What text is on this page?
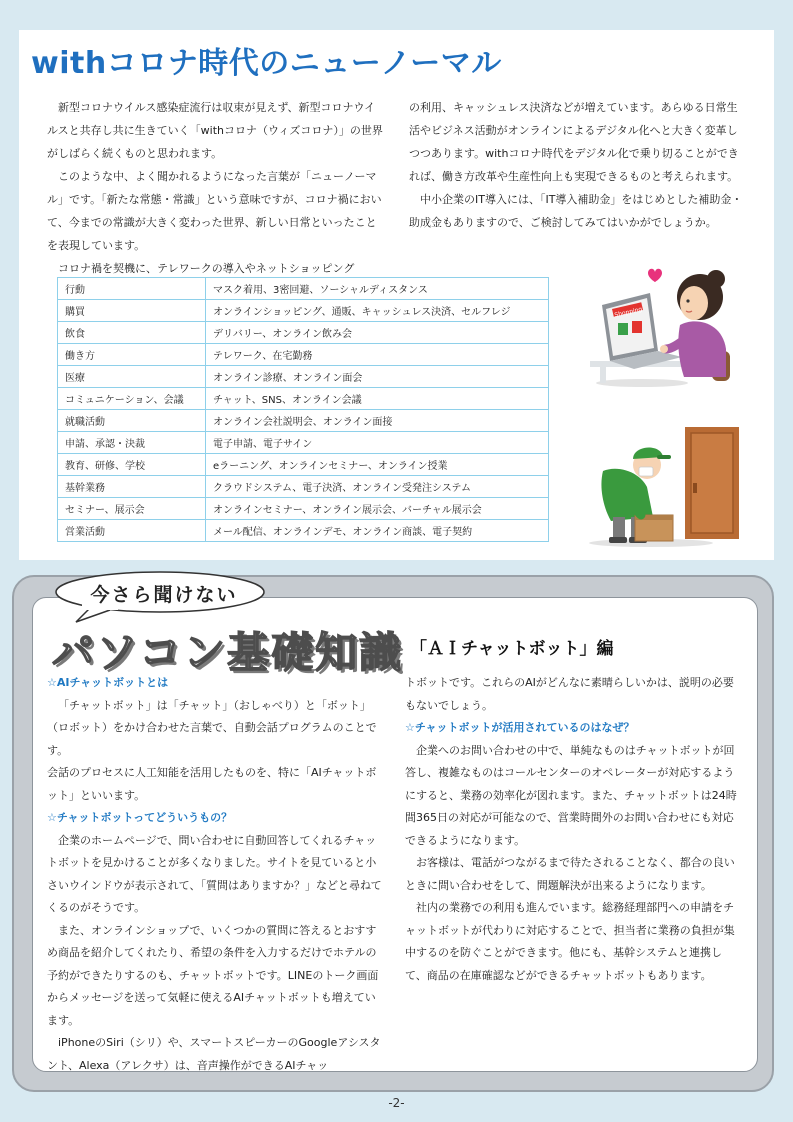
withコロナ時代のニューノーマル

新型コロナウイルス感染症流行は収束が見えず、新型コロナウイルスと共存し共に生きていく「withコロナ（ウィズコロナ）」の世界がしばらく続くものと思われます。

このような中、よく聞かれるようになった言葉が「ニューノーマル」です。「新たな常態・常識」という意味ですが、コロナ禍において、今までの常識が大きく変わった世界、新しい日常といったことを表現しています。

コロナ禍を契機に、テレワークの導入やネットショッピング

の利用、キャッシュレス決済などが増えています。あらゆる日常生活やビジネス活動がオンラインによるデジタル化へと大きく変革しつつあります。withコロナ時代をデジタル化で乗り切ることができれば、働き方改革や生産性向上も実現できるものと考えられます。

中小企業のIT導入には、「IT導入補助金」をはじめとした補助金・助成金もありますので、ご検討してみてはいかがでしょうか。

行動	マスク着用、3密回避、ソーシャルディスタンス
購買	オンラインショッピング、通販、キャッシュレス決済、セルフレジ
飲食	デリバリー、オンライン飲み会
働き方	テレワーク、在宅勤務
医療	オンライン診療、オンライン面会
コミュニケーション、会議	チャット、SNS、オンライン会議
就職活動	オンライン会社説明会、オンライン面接
申請、承認・決裁	電子申請、電子サイン
教育、研修、学校	eラーニング、オンラインセミナー、オンライン授業
基幹業務	クラウドシステム、電子決済、オンライン受発注システム
セミナー、展示会	オンラインセミナー、オンライン展示会、バーチャル展示会
営業活動	メール配信、オンラインデモ、オンライン商談、電子契約
Shopping
今さら聞けない
パソコン基礎知識 「ＡＩチャットボット」編
☆AIチャットボットとは

「チャットボット」は「チャット」（おしゃべり）と「ボット」（ロボット）をかけ合わせた言葉で、自動会話プログラムのことです。

会話のプロセスに人工知能を活用したものを、特に「AIチャットボット」といいます。

☆チャットボットってどういうもの？

企業のホームページで、問い合わせに自動回答してくれるチャットボットを見かけることが多くなりました。サイトを見ていると小さいウインドウが表示されて、「質問はありますか？」などと尋ねてくるのがそうです。

また、オンラインショップで、いくつかの質問に答えるとおすすめ商品を紹介してくれたり、希望の条件を入力するだけでホテルの予約ができたりするのも、チャットボットです。LINEのトーク画面からメッセージを送って気軽に使えるAIチャットボットも増えています。

iPhoneのSiri（シリ）や、スマートスピーカーのGoogleアシスタント、Alexa（アレクサ）は、音声操作ができるAIチャッ

トボットです。これらのAIがどんなに素晴らしいかは、説明の必要もないでしょう。

☆チャットボットが活用されているのはなぜ？

企業へのお問い合わせの中で、単純なものはチャットボットが回答し、複雑なものはコールセンターのオペレーターが対応するようにすると、業務の効率化が図れます。また、チャットボットは24時間365日の対応が可能なので、営業時間外のお問い合わせにも対応できるようになります。

お客様は、電話がつながるまで待たされることなく、都合の良いときに問い合わせをして、問題解決が出来るようになります。

社内の業務での利用も進んでいます。総務経理部門への申請をチャットボットが代わりに対応することで、担当者に業務の負担が集中するのを防ぐことができます。他にも、基幹システムと連携して、商品の在庫確認などができるチャットボットもあります。

-2-
